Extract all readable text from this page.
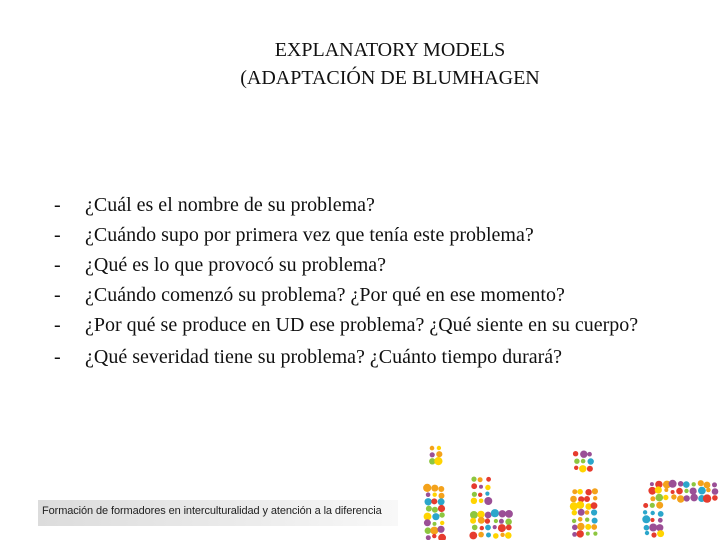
EXPLANATORY MODELS
(ADAPTACIÓN DE BLUMHAGEN
- ¿Cuál es el nombre de su problema?
- ¿Cuándo supo por primera vez que tenía este problema?
- ¿Qué es lo que provocó su problema?
- ¿Cuándo comenzó su problema? ¿Por qué en ese momento?
- ¿Por qué se produce en UD ese problema? ¿Qué siente en su cuerpo?
- ¿Qué severidad tiene su problema? ¿Cuánto tiempo durará?
Formación de formadores en interculturalidad y atención a la diferencia
